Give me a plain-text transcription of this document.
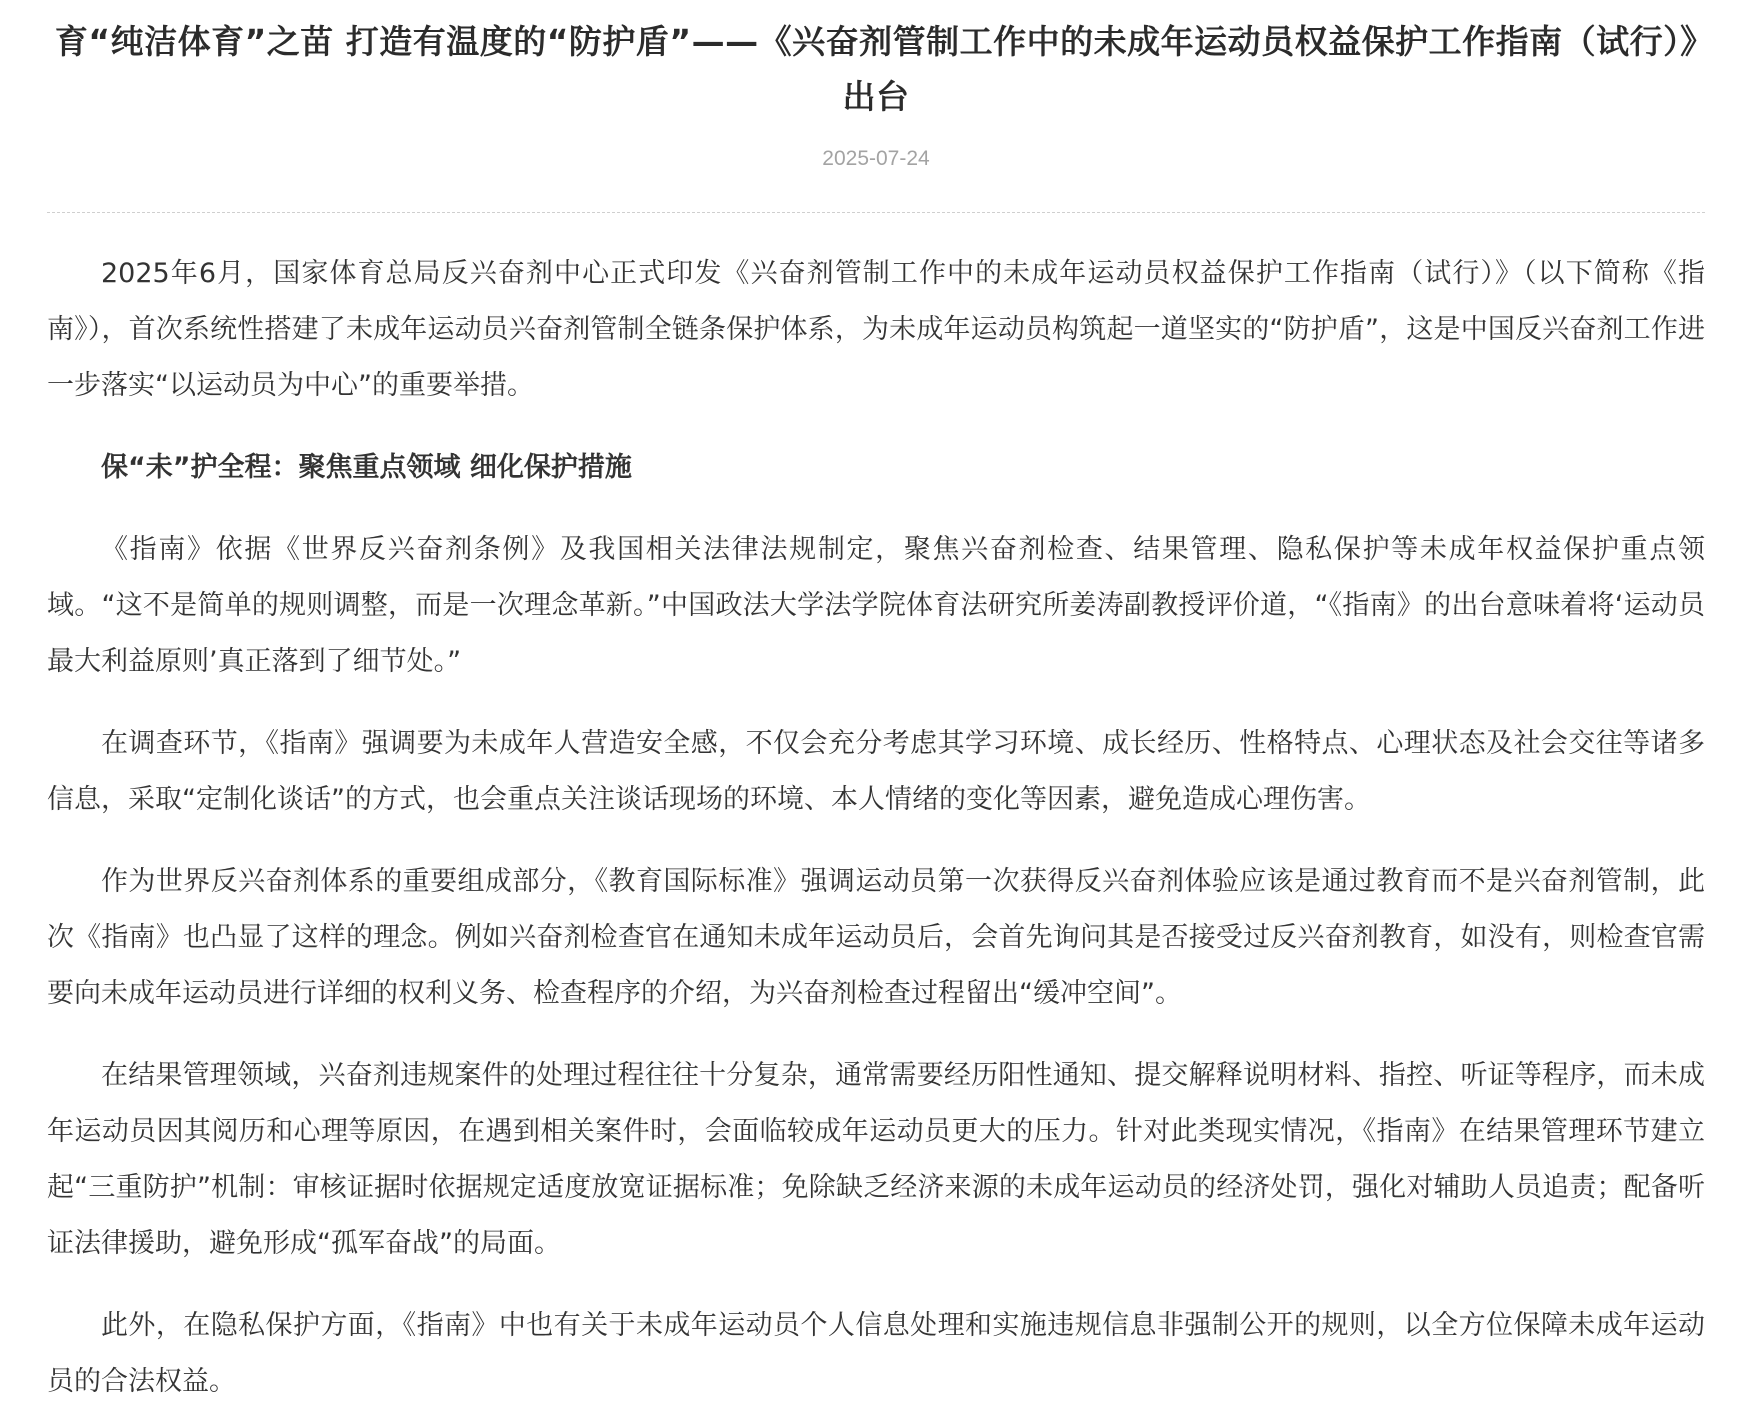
育“纯洁体育”之苗 打造有温度的“防护盾”——《兴奋剂管制工作中的未成年运动员权益保护工作指南（试行）》出台
2025-07-24

2025年6月，国家体育总局反兴奋剂中心正式印发《兴奋剂管制工作中的未成年运动员权益保护工作指南（试行）》（以下简称《指南》），首次系统性搭建了未成年运动员兴奋剂管制全链条保护体系，为未成年运动员构筑起一道坚实的“防护盾”，这是中国反兴奋剂工作进一步落实“以运动员为中心”的重要举措。

保“未”护全程：聚焦重点领域 细化保护措施

《指南》依据《世界反兴奋剂条例》及我国相关法律法规制定，聚焦兴奋剂检查、结果管理、隐私保护等未成年权益保护重点领域。“这不是简单的规则调整，而是一次理念革新。”中国政法大学法学院体育法研究所姜涛副教授评价道，“《指南》的出台意味着将‘运动员最大利益原则’真正落到了细节处。”

在调查环节，《指南》强调要为未成年人营造安全感，不仅会充分考虑其学习环境、成长经历、性格特点、心理状态及社会交往等诸多信息，采取“定制化谈话”的方式，也会重点关注谈话现场的环境、本人情绪的变化等因素，避免造成心理伤害。

作为世界反兴奋剂体系的重要组成部分，《教育国际标准》强调运动员第一次获得反兴奋剂体验应该是通过教育而不是兴奋剂管制，此次《指南》也凸显了这样的理念。例如兴奋剂检查官在通知未成年运动员后，会首先询问其是否接受过反兴奋剂教育，如没有，则检查官需要向未成年运动员进行详细的权利义务、检查程序的介绍，为兴奋剂检查过程留出“缓冲空间”。

在结果管理领域，兴奋剂违规案件的处理过程往往十分复杂，通常需要经历阳性通知、提交解释说明材料、指控、听证等程序，而未成年运动员因其阅历和心理等原因，在遇到相关案件时，会面临较成年运动员更大的压力。针对此类现实情况，《指南》在结果管理环节建立起“三重防护”机制：审核证据时依据规定适度放宽证据标准；免除缺乏经济来源的未成年运动员的经济处罚，强化对辅助人员追责；配备听证法律援助，避免形成“孤军奋战”的局面。

此外，在隐私保护方面，《指南》中也有关于未成年运动员个人信息处理和实施违规信息非强制公开的规则，以全方位保障未成年运动员的合法权益。
